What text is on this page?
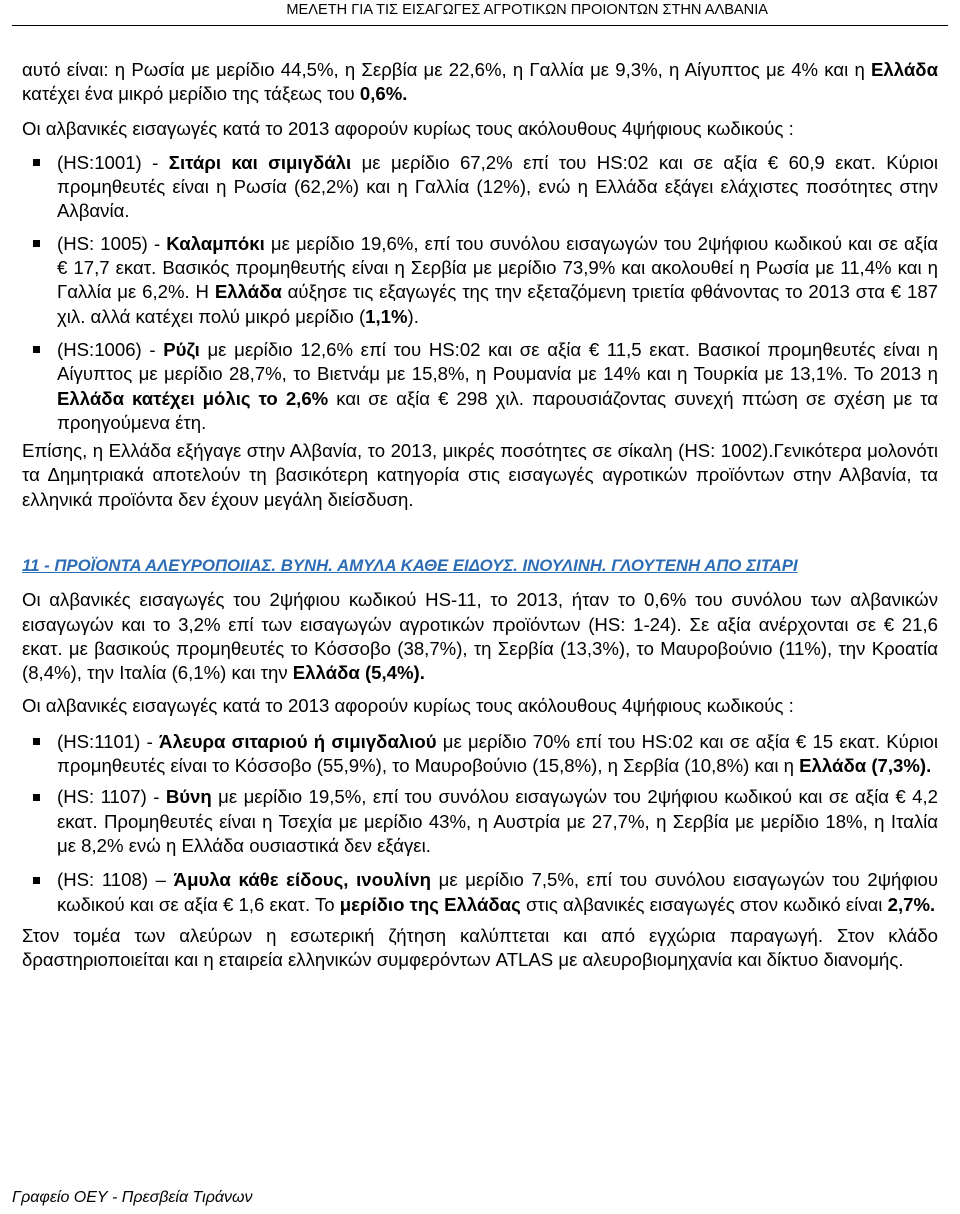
ΜΕΛΕΤΗ ΓΙΑ ΤΙΣ ΕΙΣΑΓΩΓΕΣ ΑΓΡΟΤΙΚΩΝ ΠΡΟΙΟΝΤΩΝ ΣΤΗΝ ΑΛΒΑΝΙΑ

αυτό είναι: η Ρωσία με μερίδιο 44,5%, η Σερβία με 22,6%, η Γαλλία με 9,3%, η Αίγυπτος με 4% και η Ελλάδα κατέχει ένα μικρό μερίδιο της τάξεως του 0,6%.

Οι αλβανικές εισαγωγές κατά το 2013 αφορούν κυρίως τους ακόλουθους 4ψήφιους κωδικούς :

(HS:1001) - Σιτάρι και σιμιγδάλι με μερίδιο 67,2% επί του HS:02 και σε αξία € 60,9 εκατ. Κύριοι προμηθευτές είναι η Ρωσία (62,2%) και η Γαλλία (12%), ενώ η Ελλάδα εξάγει ελάχιστες ποσότητες στην Αλβανία.
(HS: 1005) - Καλαμπόκι με μερίδιο 19,6%, επί του συνόλου εισαγωγών του 2ψήφιου κωδικού και σε αξία € 17,7 εκατ. Βασικός προμηθευτής είναι η Σερβία με μερίδιο 73,9% και ακολουθεί η Ρωσία με 11,4% και η Γαλλία με 6,2%. Η Ελλάδα αύξησε τις εξαγωγές της την εξεταζόμενη τριετία φθάνοντας το 2013 στα € 187 χιλ. αλλά κατέχει πολύ μικρό μερίδιο (1,1%).
(HS:1006) - Ρύζι με μερίδιο 12,6% επί του HS:02 και σε αξία € 11,5 εκατ. Βασικοί προμηθευτές είναι η Αίγυπτος με μερίδιο 28,7%, το Βιετνάμ με 15,8%, η Ρουμανία με 14% και η Τουρκία με 13,1%. Το 2013 η Ελλάδα κατέχει μόλις το 2,6% και σε αξία € 298 χιλ. παρουσιάζοντας συνεχή πτώση σε σχέση με τα προηγούμενα έτη.

Επίσης, η Ελλάδα εξήγαγε στην Αλβανία, το 2013, μικρές ποσότητες σε σίκαλη (HS: 1002).Γενικότερα μολονότι τα Δημητριακά αποτελούν τη βασικότερη κατηγορία στις εισαγωγές αγροτικών προϊόντων στην Αλβανία, τα ελληνικά προϊόντα δεν έχουν μεγάλη διείσδυση.

11 - ΠΡΟΪΟΝΤΑ ΑΛΕΥΡΟΠΟΙΙΑΣ. ΒΥΝΗ. ΑΜΥΛΑ ΚΑΘΕ ΕΙΔΟΥΣ. ΙΝΟΥΛΙΝΗ. ΓΛΟΥΤΕΝΗ ΑΠΟ ΣΙΤΑΡΙ

Οι αλβανικές εισαγωγές του 2ψήφιου κωδικού HS-11, το 2013, ήταν το 0,6% του συνόλου των αλβανικών εισαγωγών και το 3,2% επί των εισαγωγών αγροτικών προϊόντων (HS: 1-24). Σε αξία ανέρχονται σε € 21,6 εκατ. με βασικούς προμηθευτές το Κόσσοβο (38,7%), τη Σερβία (13,3%), το Μαυροβούνιο (11%), την Κροατία (8,4%), την Ιταλία (6,1%) και την Ελλάδα (5,4%).

Οι αλβανικές εισαγωγές κατά το 2013 αφορούν κυρίως τους ακόλουθους 4ψήφιους κωδικούς :

(HS:1101) - Άλευρα σιταριού ή σιμιγδαλιού με μερίδιο 70% επί του HS:02 και σε αξία € 15 εκατ. Κύριοι προμηθευτές είναι το Κόσσοβο (55,9%), το Μαυροβούνιο (15,8%), η Σερβία (10,8%) και η Ελλάδα (7,3%).
(HS: 1107) - Βύνη με μερίδιο 19,5%, επί του συνόλου εισαγωγών του 2ψήφιου κωδικού και σε αξία € 4,2 εκατ. Προμηθευτές είναι η Τσεχία με μερίδιο 43%, η Αυστρία με 27,7%, η Σερβία με μερίδιο 18%, η Ιταλία με 8,2% ενώ η Ελλάδα ουσιαστικά δεν εξάγει.
(HS: 1108) – Άμυλα κάθε είδους, ινουλίνη με μερίδιο 7,5%, επί του συνόλου εισαγωγών του 2ψήφιου κωδικού και σε αξία € 1,6 εκατ. Το μερίδιο της Ελλάδας στις αλβανικές εισαγωγές στον κωδικό είναι 2,7%.

Στον τομέα των αλεύρων η εσωτερική ζήτηση καλύπτεται και από εγχώρια παραγωγή. Στον κλάδο δραστηριοποιείται και η εταιρεία ελληνικών συμφερόντων ATLAS με αλευροβιομηχανία και δίκτυο διανομής.

Γραφείο ΟΕΥ - Πρεσβεία Τιράνων
